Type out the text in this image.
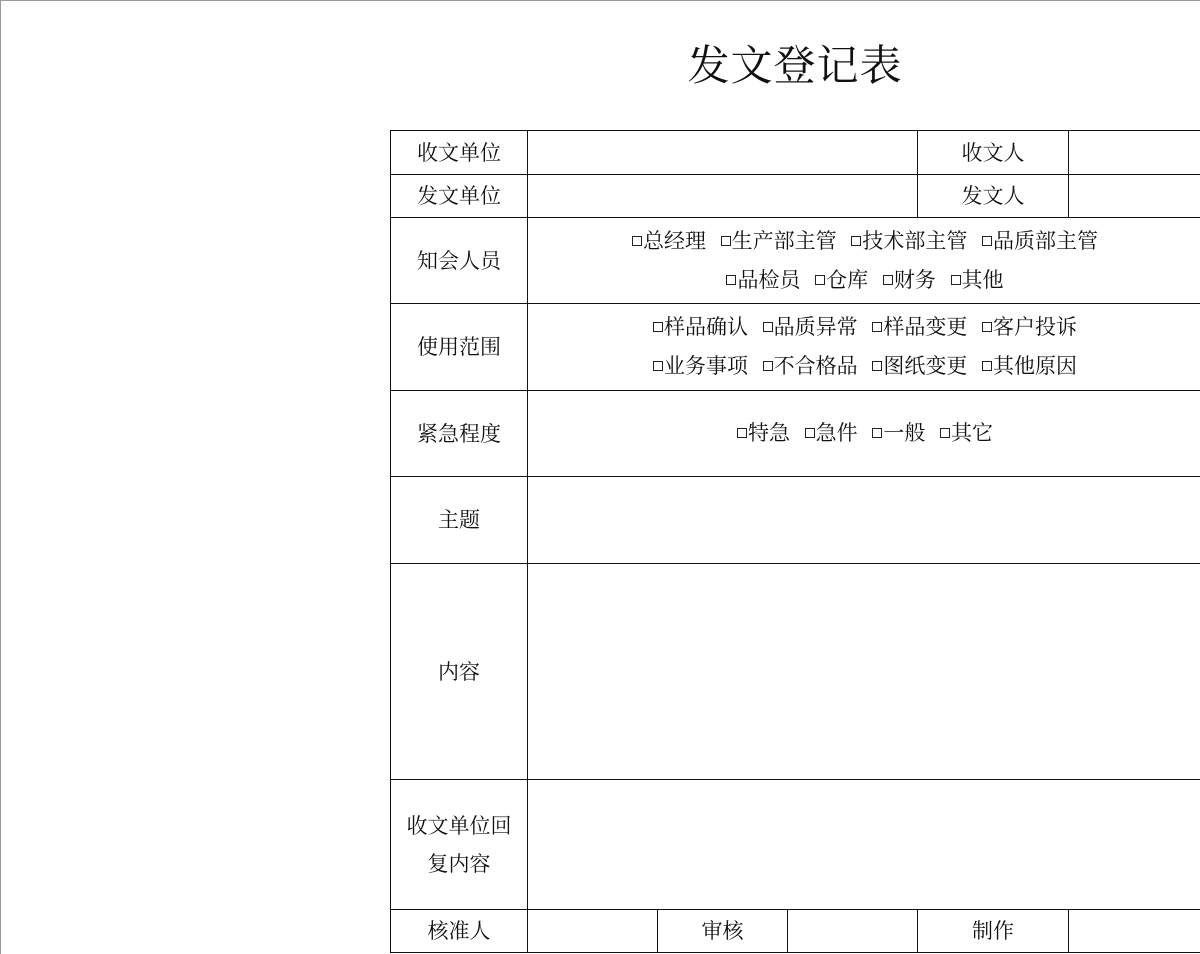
发文登记表
收文单位				收文人	
发文单位				发文人	
知会人员	总经理 生产部主管 技术部主管 品质部主管
品检员 仓库 财务 其他				

使用范围	样品确认 品质异常 样品变更 客户投诉
业务事项 不合格品 图纸变更 其他原因				

紧急程度	特急 急件 一般 其它				

主题					
内容					

收文单位回
复内容					

核准人		审核		制作	
